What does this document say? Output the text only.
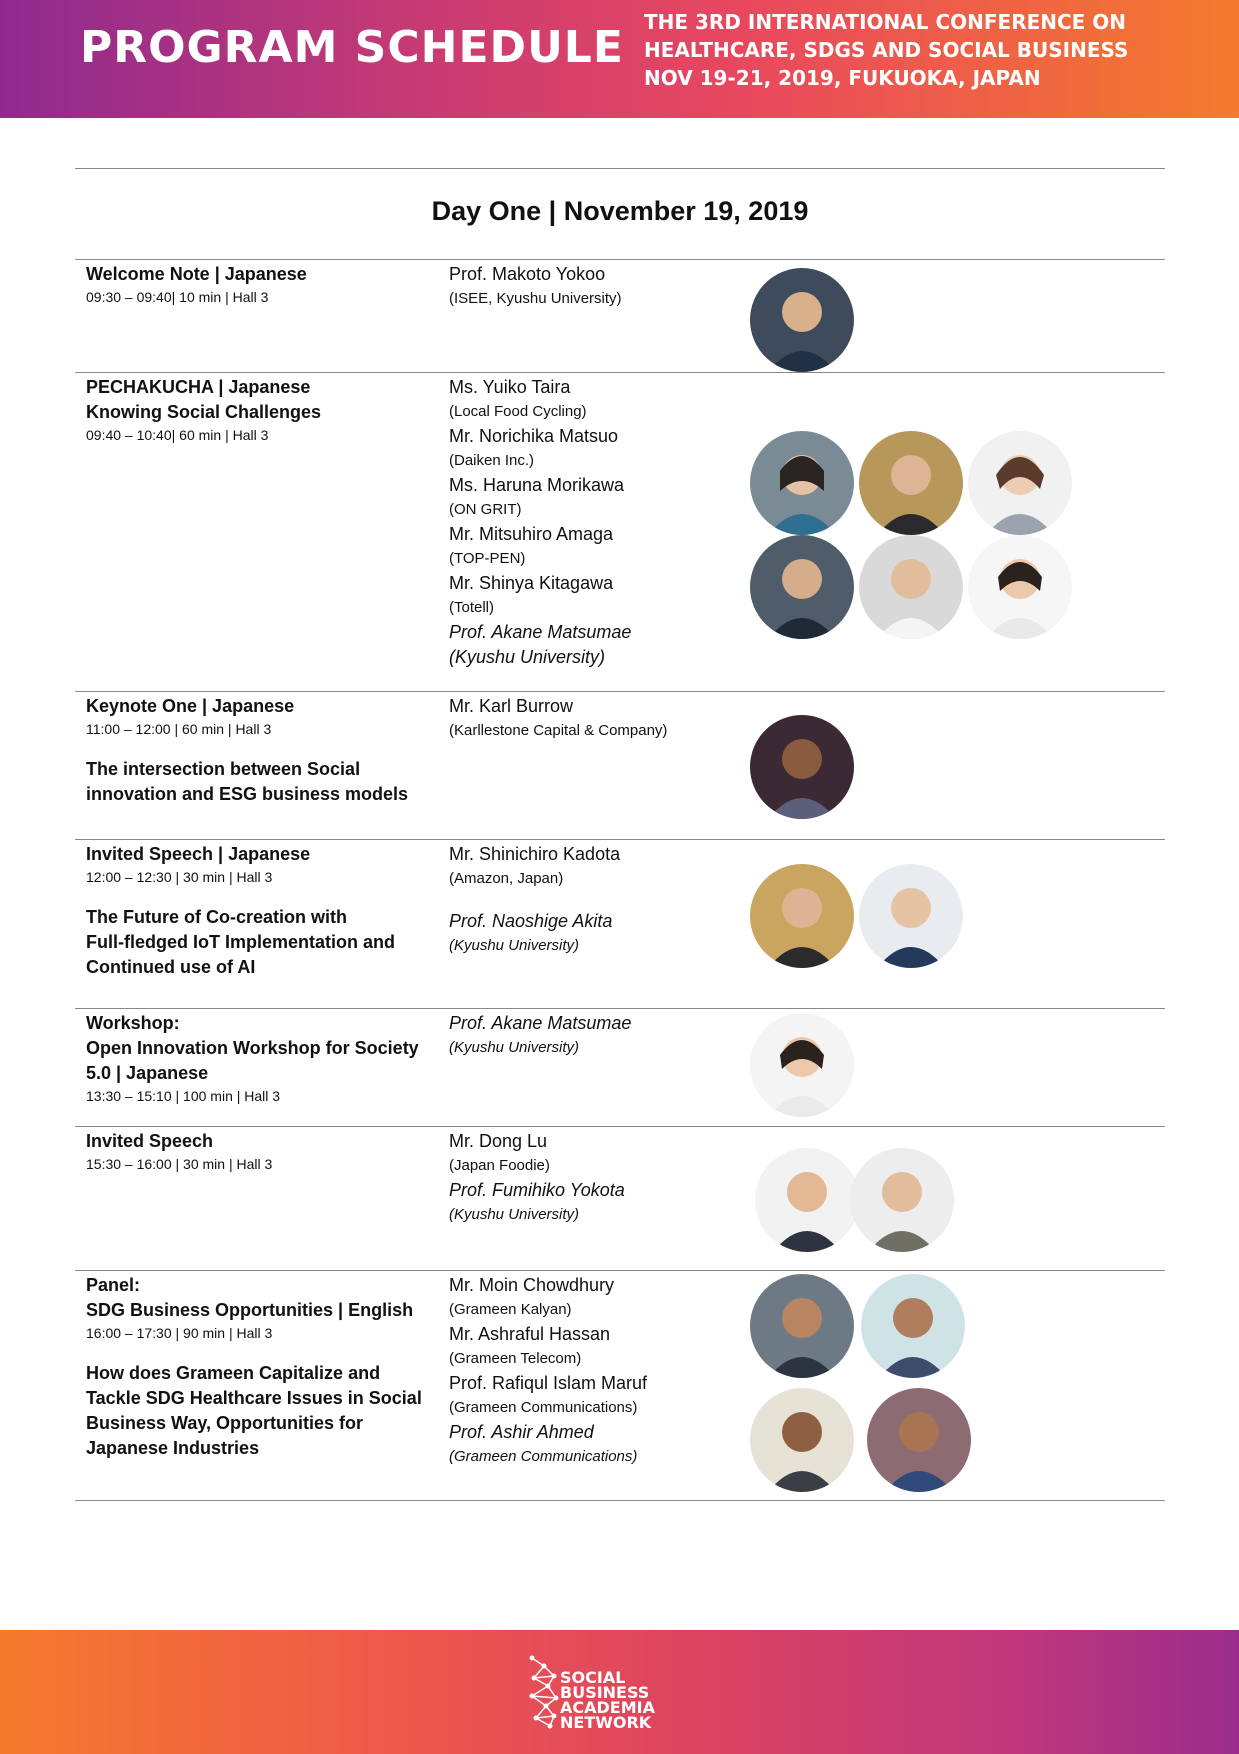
PROGRAM SCHEDULE THE 3RD INTERNATIONAL CONFERENCE ON
HEALTHCARE, SDGS AND SOCIAL BUSINESS
NOV 19-21, 2019, FUKUOKA, JAPAN
Day One | November 19, 2019
Welcome Note | Japanese
09:30 – 09:40| 10 min | Hall 3
Prof. Makoto Yokoo
(ISEE, Kyushu University)
PECHAKUCHA | Japanese
Knowing Social Challenges
09:40 – 10:40| 60 min | Hall 3
Ms. Yuiko Taira
(Local Food Cycling)
Mr. Norichika Matsuo
(Daiken Inc.)
Ms. Haruna Morikawa
(ON GRIT)
Mr. Mitsuhiro Amaga
(TOP-PEN)
Mr. Shinya Kitagawa
(Totell)
Prof. Akane Matsumae
(Kyushu University)
Keynote One | Japanese
11:00 – 12:00 | 60 min | Hall 3
The intersection between Social
innovation and ESG business models
Mr. Karl Burrow
(Karllestone Capital & Company)
Invited Speech | Japanese
12:00 – 12:30 | 30 min | Hall 3
The Future of Co-creation with
Full-fledged IoT Implementation and
Continued use of AI
Mr. Shinichiro Kadota
(Amazon, Japan)
Prof. Naoshige Akita
(Kyushu University)
Workshop:
Open Innovation Workshop for Society
5.0 | Japanese
13:30 – 15:10 | 100 min | Hall 3
Prof. Akane Matsumae
(Kyushu University)
Invited Speech
15:30 – 16:00 | 30 min | Hall 3
Mr. Dong Lu
(Japan Foodie)
Prof. Fumihiko Yokota
(Kyushu University)
Panel:
SDG Business Opportunities | English
16:00 – 17:30 | 90 min | Hall 3
How does Grameen Capitalize and
Tackle SDG Healthcare Issues in Social
Business Way, Opportunities for
Japanese Industries
Mr. Moin Chowdhury
(Grameen Kalyan)
Mr. Ashraful Hassan
(Grameen Telecom)
Prof. Rafiqul Islam Maruf
(Grameen Communications)
Prof. Ashir Ahmed
(Grameen Communications)
SOCIAL
BUSINESS
ACADEMIA
NETWORK
